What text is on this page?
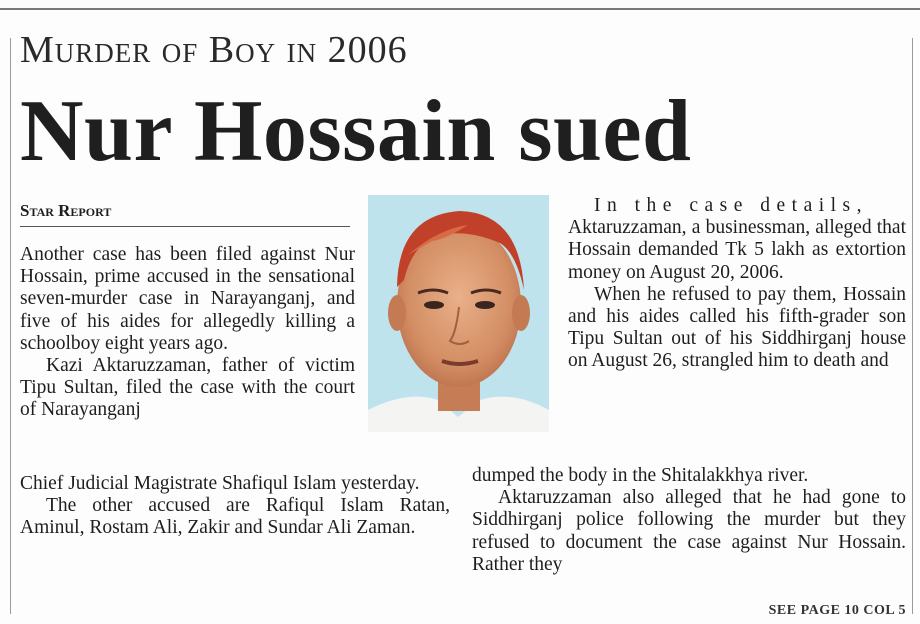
Murder of Boy in 2006
Nur Hossain sued
Star Report

Another case has been filed against Nur Hossain, prime accused in the sensational seven-murder case in Narayanganj, and five of his aides for allegedly killing a schoolboy eight years ago.

Kazi Aktaruzzaman, father of victim Tipu Sultan, filed the case with the court of Narayanganj

Chief Judicial Magistrate Shafiqul Islam yesterday.

The other accused are Rafiqul Islam Ratan, Aminul, Rostam Ali, Zakir and Sundar Ali Zaman.

In the case details,

Aktaruzzaman, a businessman, alleged that Hossain demanded Tk 5 lakh as extortion money on August 20, 2006.

When he refused to pay them, Hossain and his aides called his fifth-grader son Tipu Sultan out of his Siddhirganj house on August 26, strangled him to death and

dumped the body in the Shitalakkhya river.

Aktaruzzaman also alleged that he had gone to Siddhirganj police following the murder but they refused to document the case against Nur Hossain. Rather they

SEE PAGE 10 COL 5
